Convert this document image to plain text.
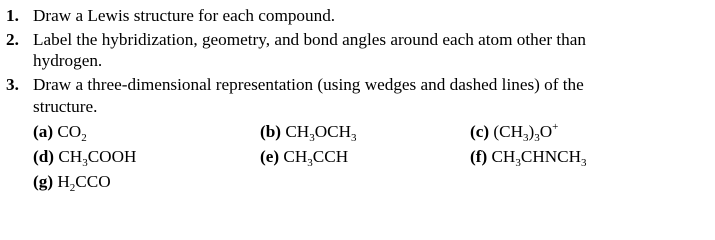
1. Draw a Lewis structure for each compound.
2. Label the hybridization, geometry, and bond angles around each atom other than
hydrogen.
3. Draw a three-dimensional representation (using wedges and dashed lines) of the
structure.
(a) $CO_2$	(b) $CH_3OCH_3$	(c) $(CH_3)_3O^+$
(d) $CH_3COOH$	(e) $CH_3CCH$	(f) $CH_3CHNCH_3$
(g) $H_2CCO$
